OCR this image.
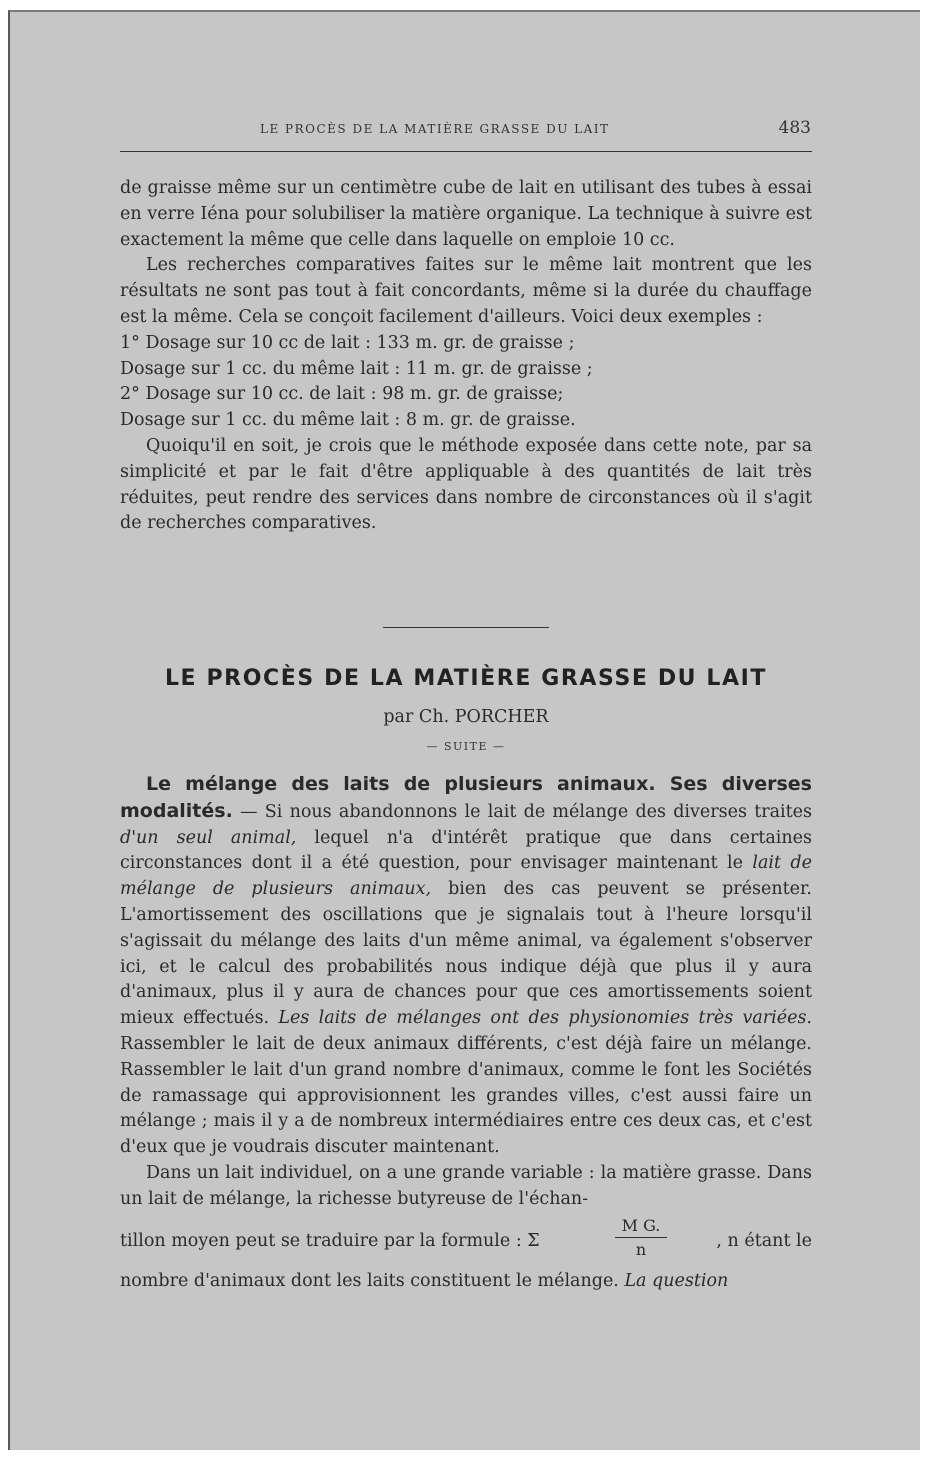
LE PROCÈS DE LA MATIÈRE GRASSE DU LAIT	483

de graisse même sur un centimètre cube de lait en utilisant des tubes à essai en verre Iéna pour solubiliser la matière organique. La technique à suivre est exactement la même que celle dans laquelle on emploie 10 cc.

Les recherches comparatives faites sur le même lait montrent que les résultats ne sont pas tout à fait concordants, même si la durée du chauffage est la même. Cela se conçoit facilement d'ailleurs. Voici deux exemples :

1° Dosage sur 10 cc de lait : 133 m. gr. de graisse ;

Dosage sur 1 cc. du même lait : 11 m. gr. de graisse ;

2° Dosage sur 10 cc. de lait : 98 m. gr. de graisse;

Dosage sur 1 cc. du même lait : 8 m. gr. de graisse.

Quoiqu'il en soit, je crois que le méthode exposée dans cette note, par sa simplicité et par le fait d'être appliquable à des quantités de lait très réduites, peut rendre des services dans nombre de circonstances où il s'agit de recherches comparatives.

LE PROCÈS DE LA MATIÈRE GRASSE DU LAIT
par Ch. PORCHER
— SUITE —

Le mélange des laits de plusieurs animaux. Ses diverses modalités. — Si nous abandonnons le lait de mélange des diverses traites d'un seul animal, lequel n'a d'intérêt pratique que dans certaines circonstances dont il a été question, pour envisager maintenant le lait de mélange de plusieurs animaux, bien des cas peuvent se présenter. L'amortissement des oscillations que je signalais tout à l'heure lorsqu'il s'agissait du mélange des laits d'un même animal, va également s'observer ici, et le calcul des probabilités nous indique déjà que plus il y aura d'animaux, plus il y aura de chances pour que ces amortissements soient mieux effectués. Les laits de mélanges ont des physionomies très variées. Rassembler le lait de deux animaux différents, c'est déjà faire un mélange. Rassembler le lait d'un grand nombre d'animaux, comme le font les Sociétés de ramassage qui approvisionnent les grandes villes, c'est aussi faire un mélange ; mais il y a de nombreux intermédiaires entre ces deux cas, et c'est d'eux que je voudrais discuter maintenant.

Dans un lait individuel, on a une grande variable : la matière grasse. Dans un lait de mélange, la richesse butyreuse de l'échan-

tillon moyen peut se traduire par la formule : Σ
M G.
n	, n étant le

nombre d'animaux dont les laits constituent le mélange. La question
